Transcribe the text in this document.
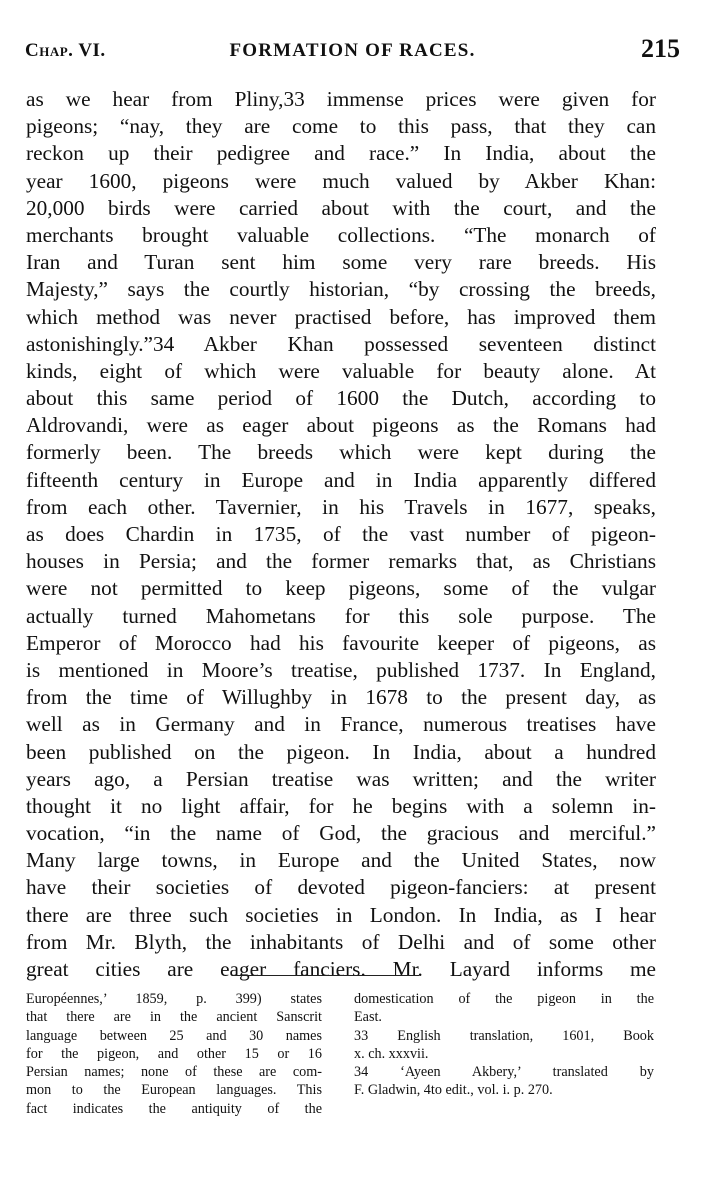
Chap. VI.	FORMATION OF RACES.	215
as we hear from Pliny,33 immense prices were given for
pigeons; “nay, they are come to this pass, that they can
reckon up their pedigree and race.” In India, about the
year 1600, pigeons were much valued by Akber Khan:
20,000 birds were carried about with the court, and the
merchants brought valuable collections. “The monarch of
Iran and Turan sent him some very rare breeds. His
Majesty,” says the courtly historian, “by crossing the breeds,
which method was never practised before, has improved them
astonishingly.”34 Akber Khan possessed seventeen distinct
kinds, eight of which were valuable for beauty alone. At
about this same period of 1600 the Dutch, according to
Aldrovandi, were as eager about pigeons as the Romans had
formerly been. The breeds which were kept during the
fifteenth century in Europe and in India apparently differed
from each other. Tavernier, in his Travels in 1677, speaks,
as does Chardin in 1735, of the vast number of pigeon-
houses in Persia; and the former remarks that, as Christians
were not permitted to keep pigeons, some of the vulgar
actually turned Mahometans for this sole purpose. The
Emperor of Morocco had his favourite keeper of pigeons, as
is mentioned in Moore’s treatise, published 1737. In England,
from the time of Willughby in 1678 to the present day, as
well as in Germany and in France, numerous treatises have
been published on the pigeon. In India, about a hundred
years ago, a Persian treatise was written; and the writer
thought it no light affair, for he begins with a solemn in-
vocation, “in the name of God, the gracious and merciful.”
Many large towns, in Europe and the United States, now
have their societies of devoted pigeon-fanciers: at present
there are three such societies in London. In India, as I hear
from Mr. Blyth, the inhabitants of Delhi and of some other
great cities are eager fanciers. Mr. Layard informs me
Européennes,’ 1859, p. 399) states
that there are in the ancient Sanscrit
language between 25 and 30 names
for the pigeon, and other 15 or 16
Persian names; none of these are com-
mon to the European languages. This
fact indicates the antiquity of the
domestication of the pigeon in the
East.
33 English translation, 1601, Book
x. ch. xxxvii.
34 ‘Ayeen Akbery,’ translated by
F. Gladwin, 4to edit., vol. i. p. 270.
